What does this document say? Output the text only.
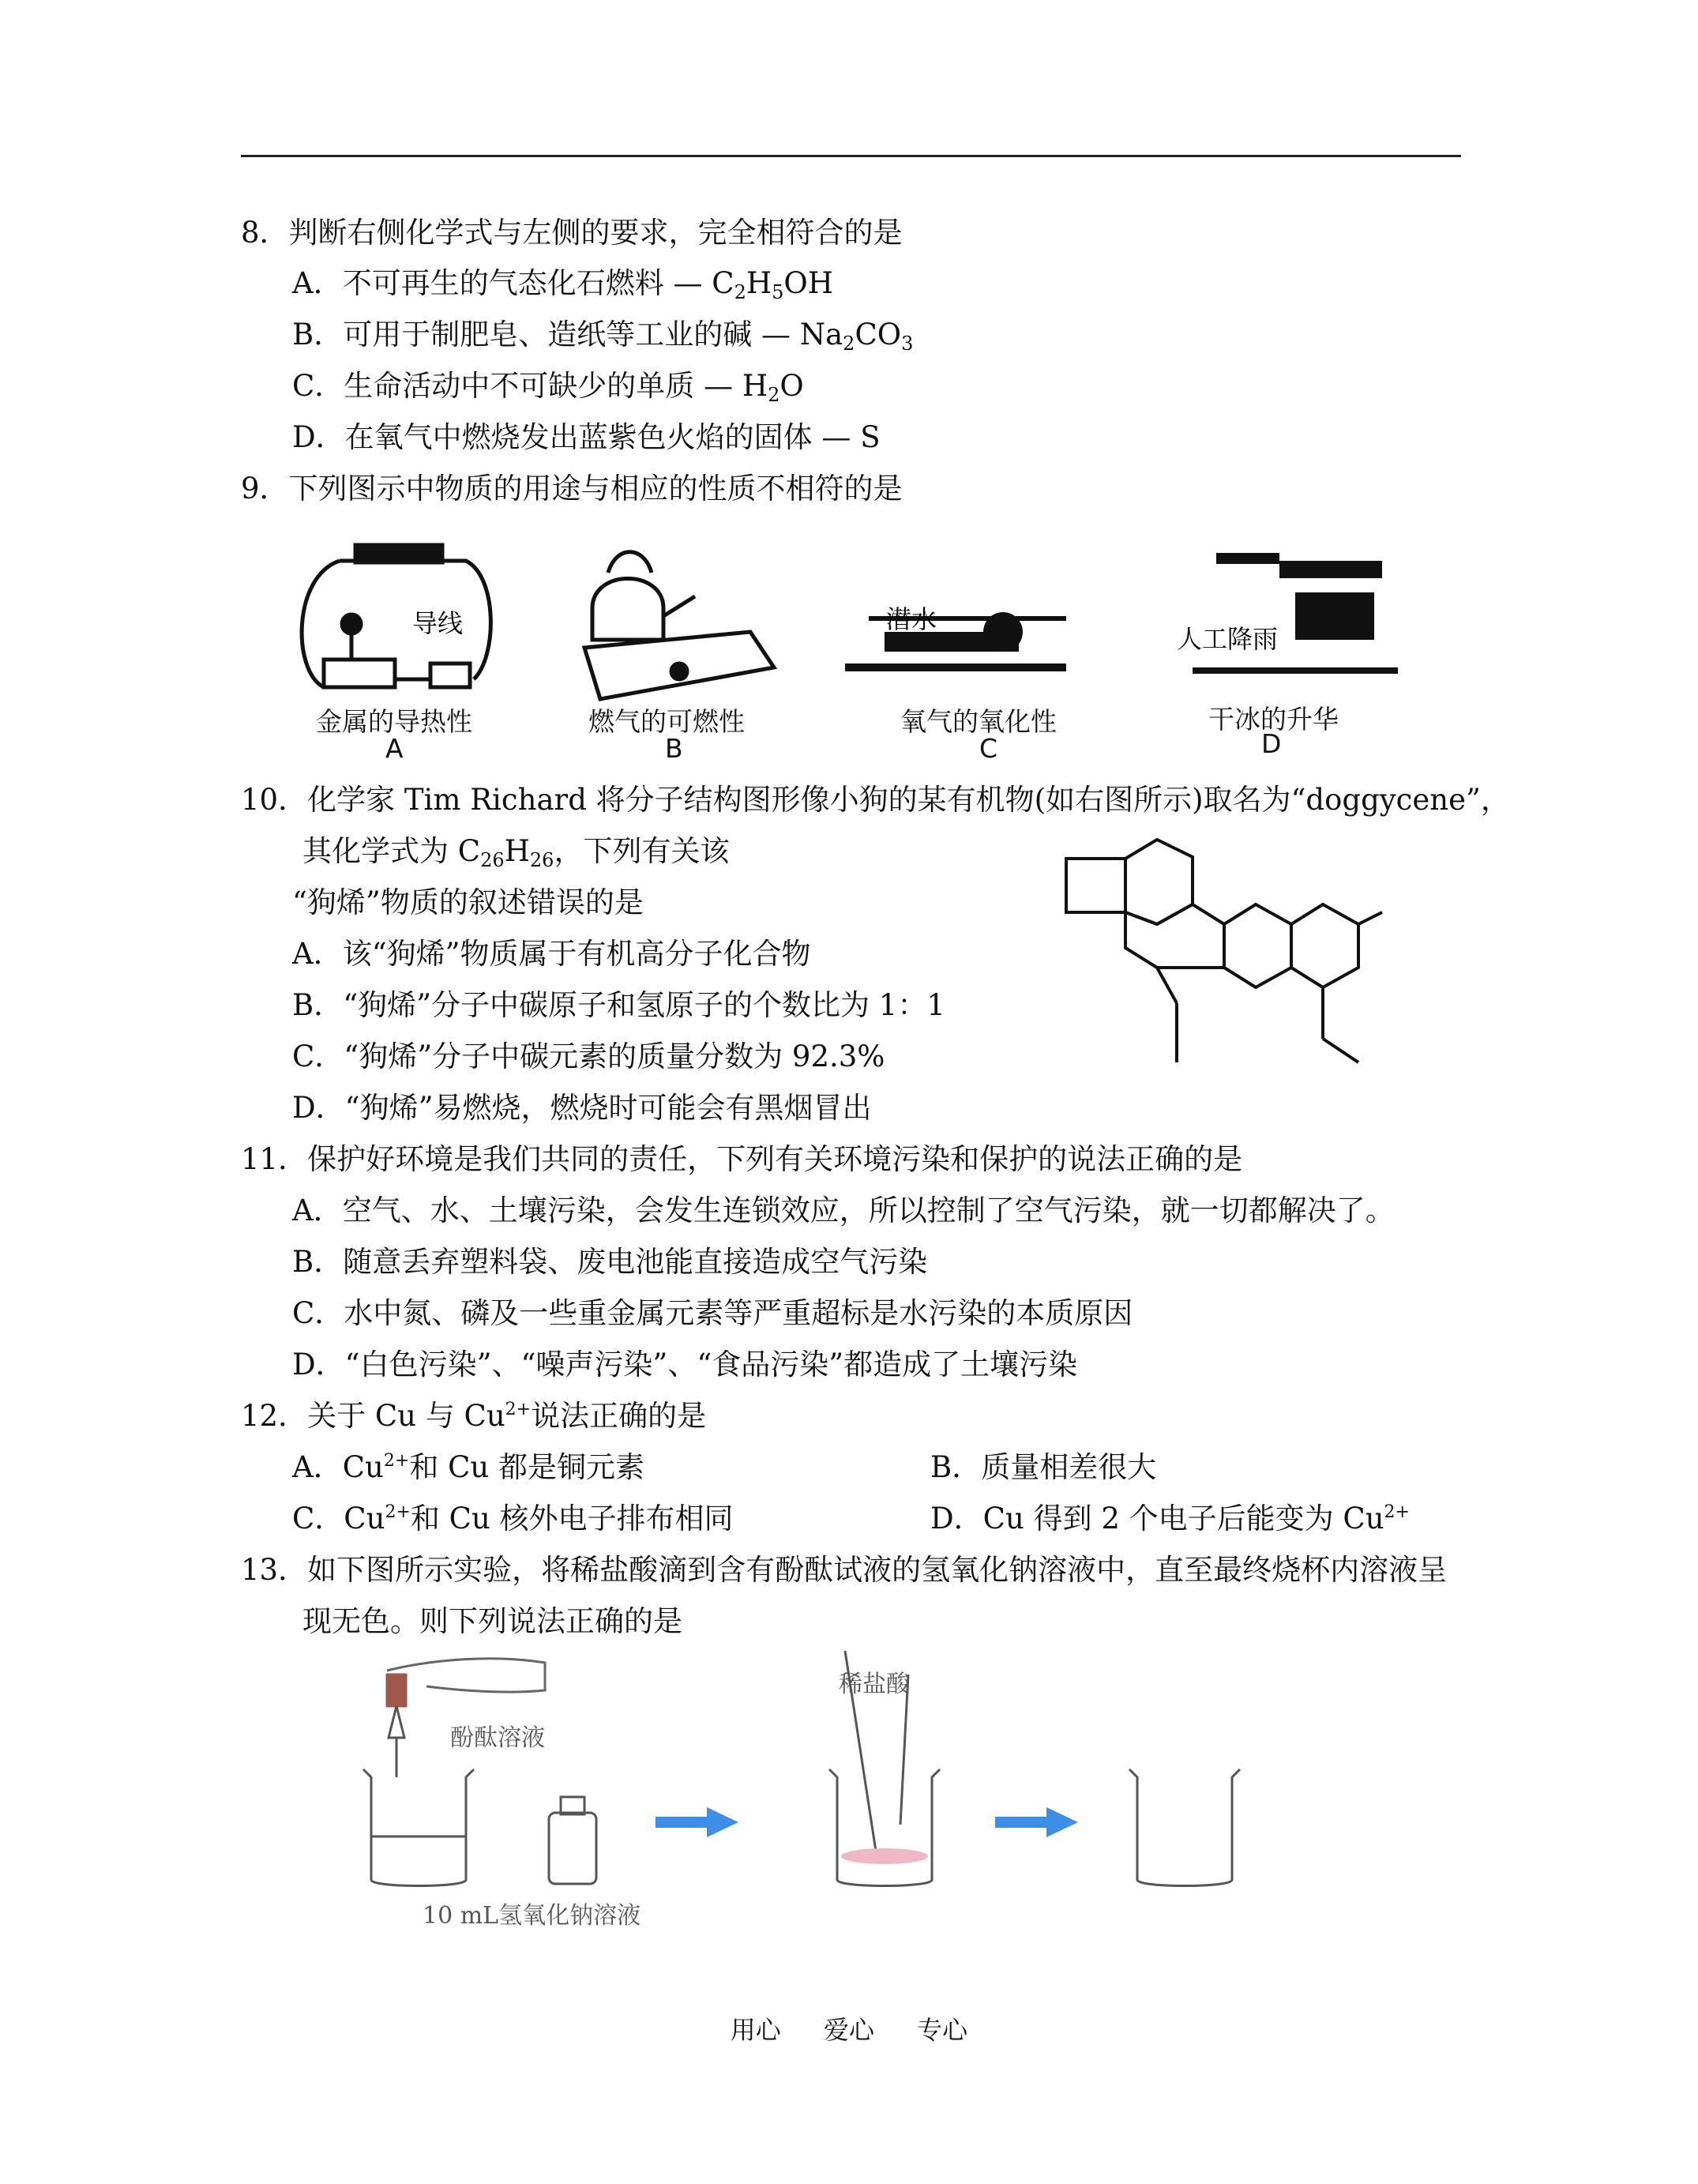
8．判断右侧化学式与左侧的要求，完全相符合的是
A．不可再生的气态化石燃料 — $C_2H_5OH$
B．可用于制肥皂、造纸等工业的碱 — $Na_2CO_3$
C．生命活动中不可缺少的单质 — $H_2O$
D．在氧气中燃烧发出蓝紫色火焰的固体 — S
9．下列图示中物质的用途与相应的性质不相符的是
导线	潜水
人工降雨
金属的导热性	燃气的可燃性	氧气的氧化性	干冰的升华
A	B	C	D
10．化学家 Tim Richard 将分子结构图形像小狗的某有机物(如右图所示)取名为“doggycene”，
其化学式为 $C_{26}H_{26}$，下列有关该
“狗烯”物质的叙述错误的是
A．该“狗烯”物质属于有机高分子化合物
B．“狗烯”分子中碳原子和氢原子的个数比为 1：1
C．“狗烯”分子中碳元素的质量分数为 92.3%
D．“狗烯”易燃烧，燃烧时可能会有黑烟冒出
11．保护好环境是我们共同的责任，下列有关环境污染和保护的说法正确的是
A．空气、水、土壤污染，会发生连锁效应，所以控制了空气污染，就一切都解决了。
B．随意丢弃塑料袋、废电池能直接造成空气污染
C．水中氮、磷及一些重金属元素等严重超标是水污染的本质原因
D．“白色污染”、“噪声污染”、“食品污染”都造成了土壤污染
12．关于 Cu 与 $Cu^{2+}$说法正确的是
A．$Cu^{2+}$和 Cu 都是铜元素	B．质量相差很大
C．$Cu^{2+}$和 Cu 核外电子排布相同	D．Cu 得到 2 个电子后能变为 $Cu^{2+}$
13．如下图所示实验，将稀盐酸滴到含有酚酞试液的氢氧化钠溶液中，直至最终烧杯内溶液呈
现无色。则下列说法正确的是
酚酞溶液
稀盐酸
10 mL氢氧化钠溶液
用心 爱心 专心
